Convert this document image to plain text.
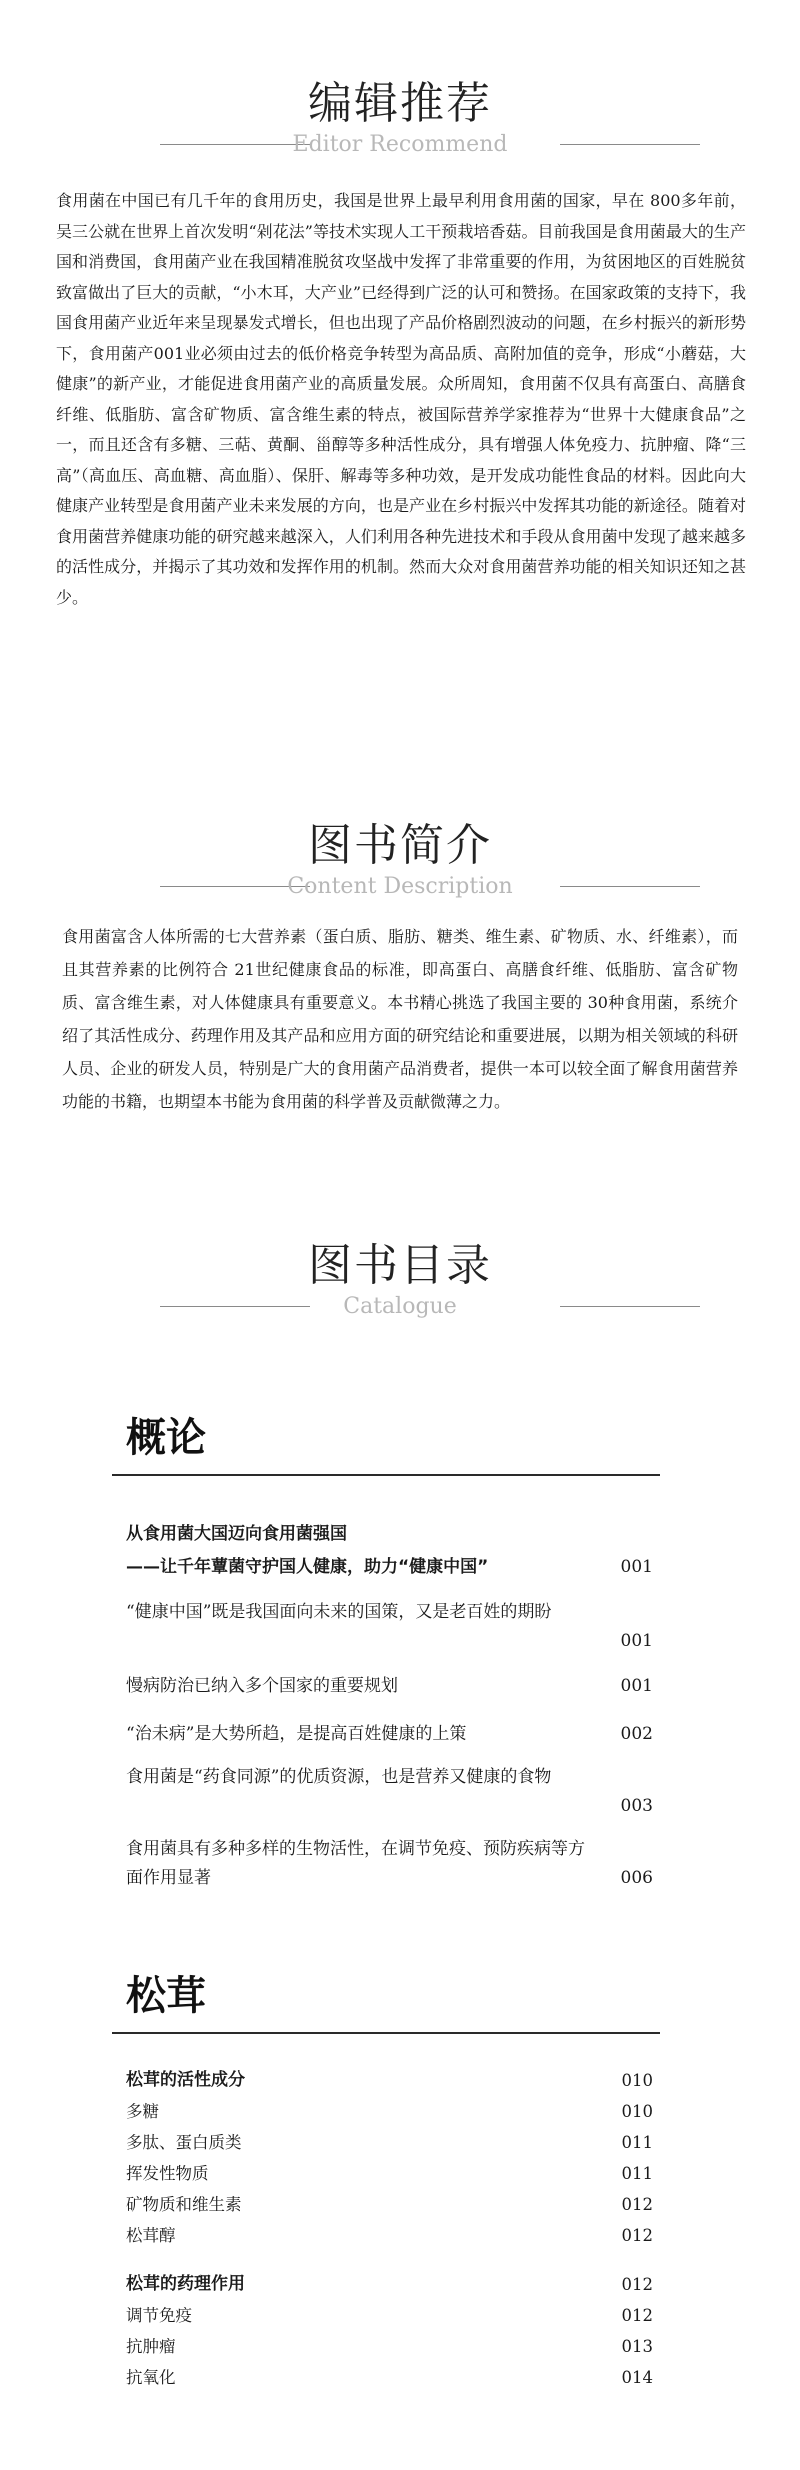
编辑推荐
Editor Recommend

食用菌在中国已有几千年的食用历史，我国是世界上最早利用食用菌的国家，早在 800多年前，吴三公就在世界上首次发明“剁花法”等技术实现人工干预栽培香菇。目前我国是食用菌最大的生产国和消费国，食用菌产业在我国精准脱贫攻坚战中发挥了非常重要的作用，为贫困地区的百姓脱贫致富做出了巨大的贡献，“小木耳，大产业”已经得到广泛的认可和赞扬。在国家政策的支持下，我国食用菌产业近年来呈现暴发式增长，但也出现了产品价格剧烈波动的问题，在乡村振兴的新形势下，食用菌产001业必须由过去的低价格竞争转型为高品质、高附加值的竞争，形成“小蘑菇，大健康”的新产业，才能促进食用菌产业的高质量发展。众所周知，食用菌不仅具有高蛋白、高膳食纤维、低脂肪、富含矿物质、富含维生素的特点，被国际营养学家推荐为“世界十大健康食品”之一，而且还含有多糖、三萜、黄酮、甾醇等多种活性成分，具有增强人体免疫力、抗肿瘤、降“三高”（高血压、高血糖、高血脂）、保肝、解毒等多种功效，是开发成功能性食品的材料。因此向大健康产业转型是食用菌产业未来发展的方向，也是产业在乡村振兴中发挥其功能的新途径。随着对食用菌营养健康功能的研究越来越深入，人们利用各种先进技术和手段从食用菌中发现了越来越多的活性成分，并揭示了其功效和发挥作用的机制。然而大众对食用菌营养功能的相关知识还知之甚少。

图书简介
Content Description

食用菌富含人体所需的七大营养素（蛋白质、脂肪、糖类、维生素、矿物质、水、纤维素），而且其营养素的比例符合 21世纪健康食品的标准，即高蛋白、高膳食纤维、低脂肪、富含矿物质、富含维生素，对人体健康具有重要意义。本书精心挑选了我国主要的 30种食用菌，系统介绍了其活性成分、药理作用及其产品和应用方面的研究结论和重要进展，以期为相关领域的科研人员、企业的研发人员，特别是广大的食用菌产品消费者，提供一本可以较全面了解食用菌营养功能的书籍，也期望本书能为食用菌的科学普及贡献微薄之力。

图书目录
Catalogue
概论
从食用菌大国迈向食用菌强国
——让千年蕈菌守护国人健康，助力“健康中国”	001
“健康中国”既是我国面向未来的国策，又是老百姓的期盼
001
慢病防治已纳入多个国家的重要规划	001
“治未病”是大势所趋，是提高百姓健康的上策	002
食用菌是“药食同源”的优质资源，也是营养又健康的食物
003
食用菌具有多种多样的生物活性，在调节免疫、预防疾病等方面作用显著	006
松茸
松茸的活性成分	010
多糖	010
多肽、蛋白质类	011
挥发性物质	011
矿物质和维生素	012
松茸醇	012
松茸的药理作用	012
调节免疫	012
抗肿瘤	013
抗氧化	014
